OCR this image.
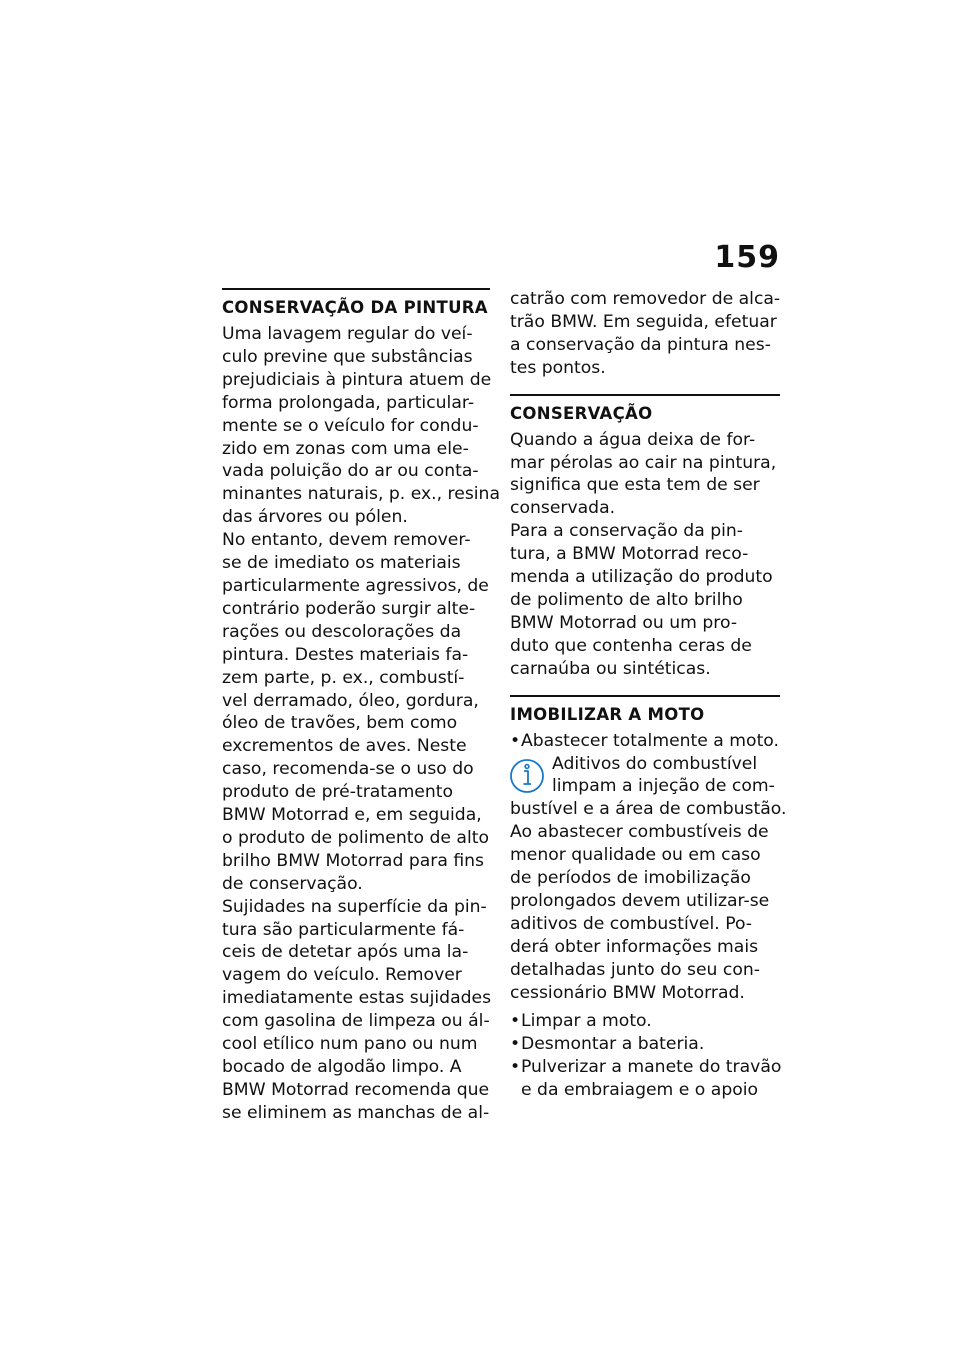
159
CONSERVAÇÃO DA PINTURA
Uma lavagem regular do veí-
culo previne que substâncias
prejudiciais à pintura atuem de
forma prolongada, particular-
mente se o veículo for condu-
zido em zonas com uma ele-
vada poluição do ar ou conta-
minantes naturais, p. ex., resina
das árvores ou pólen.
No entanto, devem remover-
se de imediato os materiais
particularmente agressivos, de
contrário poderão surgir alte-
rações ou descolorações da
pintura. Destes materiais fa-
zem parte, p. ex., combustí-
vel derramado, óleo, gordura,
óleo de travões, bem como
excrementos de aves. Neste
caso, recomenda-se o uso do
produto de pré-tratamento
BMW Motorrad e, em seguida,
o produto de polimento de alto
brilho BMW Motorrad para fins
de conservação.
Sujidades na superfície da pin-
tura são particularmente fá-
ceis de detetar após uma la-
vagem do veículo. Remover
imediatamente estas sujidades
com gasolina de limpeza ou ál-
cool etílico num pano ou num
bocado de algodão limpo. A
BMW Motorrad recomenda que
se eliminem as manchas de al-
catrão com removedor de alca-
trão BMW. Em seguida, efetuar
a conservação da pintura nes-
tes pontos.
CONSERVAÇÃO
Quando a água deixa de for-
mar pérolas ao cair na pintura,
significa que esta tem de ser
conservada.
Para a conservação da pin-
tura, a BMW Motorrad reco-
menda a utilização do produto
de polimento de alto brilho
BMW Motorrad ou um pro-
duto que contenha ceras de
carnaúba ou sintéticas.
IMOBILIZAR A MOTO
• Abastecer totalmente a moto.
Aditivos do combustível
limpam a injeção de com-
bustível e a área de combustão.
Ao abastecer combustíveis de
menor qualidade ou em caso
de períodos de imobilização
prolongados devem utilizar-se
aditivos de combustível. Po-
derá obter informações mais
detalhadas junto do seu con-
cessionário BMW Motorrad.
• Limpar a moto.
• Desmontar a bateria.
• Pulverizar a manete do travão
e da embraiagem e o apoio
